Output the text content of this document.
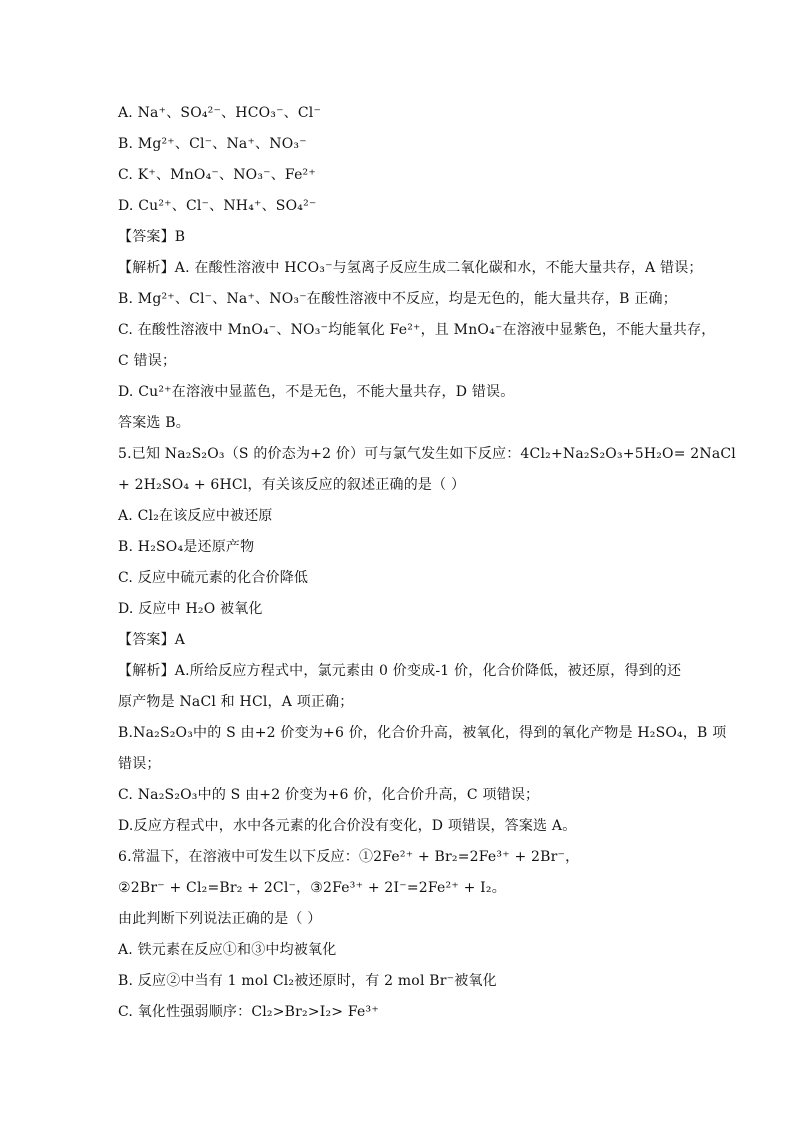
A. Na⁺、SO₄²⁻、HCO₃⁻、Cl⁻
B. Mg²⁺、Cl⁻、Na⁺、NO₃⁻
C. K⁺、MnO₄⁻、NO₃⁻、Fe²⁺
D. Cu²⁺、Cl⁻、NH₄⁺、SO₄²⁻
【答案】B
【解析】A. 在酸性溶液中 HCO₃⁻与氢离子反应生成二氧化碳和水，不能大量共存，A 错误；
B. Mg²⁺、Cl⁻、Na⁺、NO₃⁻在酸性溶液中不反应，均是无色的，能大量共存，B 正确；
C. 在酸性溶液中 MnO₄⁻、NO₃⁻均能氧化 Fe²⁺，且 MnO₄⁻在溶液中显紫色，不能大量共存，
C 错误；
D. Cu²⁺在溶液中显蓝色，不是无色，不能大量共存，D 错误。
答案选 B。
5.已知 Na₂S₂O₃（S 的价态为+2 价）可与氯气发生如下反应：4Cl₂+Na₂S₂O₃+5H₂O= 2NaCl
+ 2H₂SO₄ + 6HCl，有关该反应的叙述正确的是（ ）
A. Cl₂在该反应中被还原
B. H₂SO₄是还原产物
C. 反应中硫元素的化合价降低
D. 反应中 H₂O 被氧化
【答案】A
【解析】A.所给反应方程式中，氯元素由 0 价变成-1 价，化合价降低，被还原，得到的还
原产物是 NaCl 和 HCl，A 项正确；
B.Na₂S₂O₃中的 S 由+2 价变为+6 价，化合价升高，被氧化，得到的氧化产物是 H₂SO₄，B 项
错误；
C. Na₂S₂O₃中的 S 由+2 价变为+6 价，化合价升高，C 项错误；
D.反应方程式中，水中各元素的化合价没有变化，D 项错误，答案选 A。
6.常温下，在溶液中可发生以下反应：①2Fe²⁺ + Br₂=2Fe³⁺ + 2Br⁻，
②2Br⁻ + Cl₂=Br₂ + 2Cl⁻，③2Fe³⁺ + 2I⁻=2Fe²⁺ + I₂。
由此判断下列说法正确的是（ ）
A. 铁元素在反应①和③中均被氧化
B. 反应②中当有 1 mol Cl₂被还原时，有 2 mol Br⁻被氧化
C. 氧化性强弱顺序：Cl₂>Br₂>I₂> Fe³⁺
